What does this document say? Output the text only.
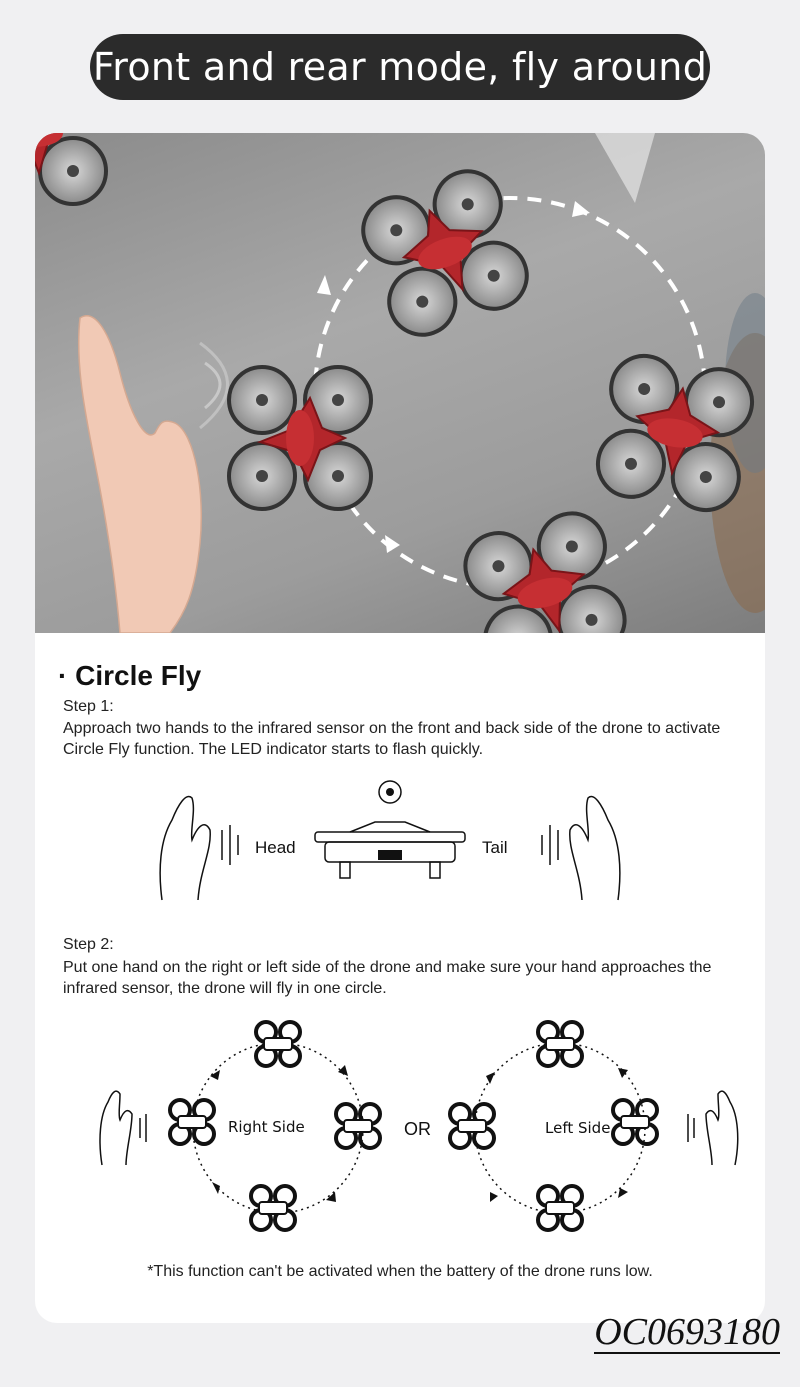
Front and rear mode, fly around
· Circle Fly
Step 1:
Approach two hands to the infrared sensor on the front and back side of the drone to activate Circle Fly function. The LED indicator starts to flash quickly.
Head	Tail
Step 2:
Put one hand on the right or left side of the drone and make sure your hand approaches the infrared sensor, the drone will fly in one circle.
Right Side	OR	Left Side
*This function can't be activated when the battery of the drone runs low.
OC0693180
